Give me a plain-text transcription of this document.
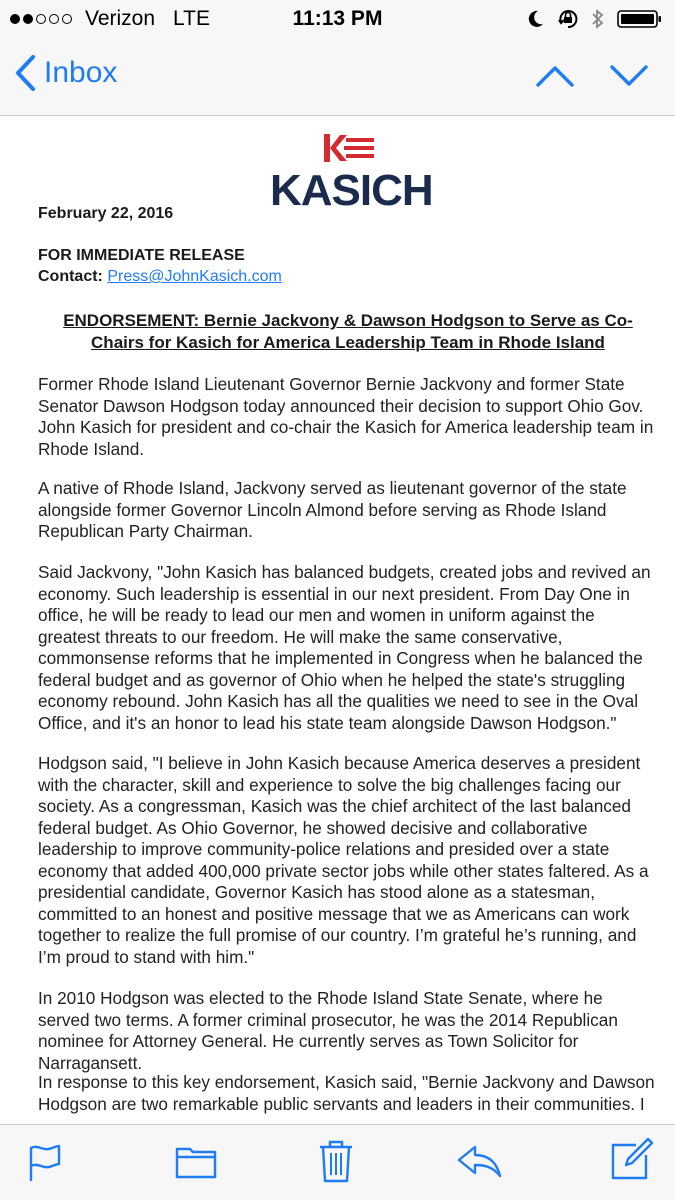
Verizon LTE	11:13 PM
Inbox
KASICH
February 22, 2016
FOR IMMEDIATE RELEASE
Contact: Press@JohnKasich.com
ENDORSEMENT: Bernie Jackvony & Dawson Hodgson to Serve as Co-Chairs for Kasich for America Leadership Team in Rhode Island

Former Rhode Island Lieutenant Governor Bernie Jackvony and former State Senator Dawson Hodgson today announced their decision to support Ohio Gov. John Kasich for president and co-chair the Kasich for America leadership team in Rhode Island.

A native of Rhode Island, Jackvony served as lieutenant governor of the state alongside former Governor Lincoln Almond before serving as Rhode Island Republican Party Chairman.

Said Jackvony, "John Kasich has balanced budgets, created jobs and revived an economy. Such leadership is essential in our next president. From Day One in office, he will be ready to lead our men and women in uniform against the greatest threats to our freedom. He will make the same conservative, commonsense reforms that he implemented in Congress when he balanced the federal budget and as governor of Ohio when he helped the state's struggling economy rebound. John Kasich has all the qualities we need to see in the Oval Office, and it's an honor to lead his state team alongside Dawson Hodgson."

Hodgson said, "I believe in John Kasich because America deserves a president with the character, skill and experience to solve the big challenges facing our society. As a congressman, Kasich was the chief architect of the last balanced federal budget. As Ohio Governor, he showed decisive and collaborative leadership to improve community-police relations and presided over a state economy that added 400,000 private sector jobs while other states faltered. As a presidential candidate, Governor Kasich has stood alone as a statesman, committed to an honest and positive message that we as Americans can work together to realize the full promise of our country. I’m grateful he’s running, and I’m proud to stand with him."

In 2010 Hodgson was elected to the Rhode Island State Senate, where he served two terms. A former criminal prosecutor, he was the 2014 Republican nominee for Attorney General. He currently serves as Town Solicitor for Narragansett.

In response to this key endorsement, Kasich said, "Bernie Jackvony and Dawson Hodgson are two remarkable public servants and leaders in their communities. I
